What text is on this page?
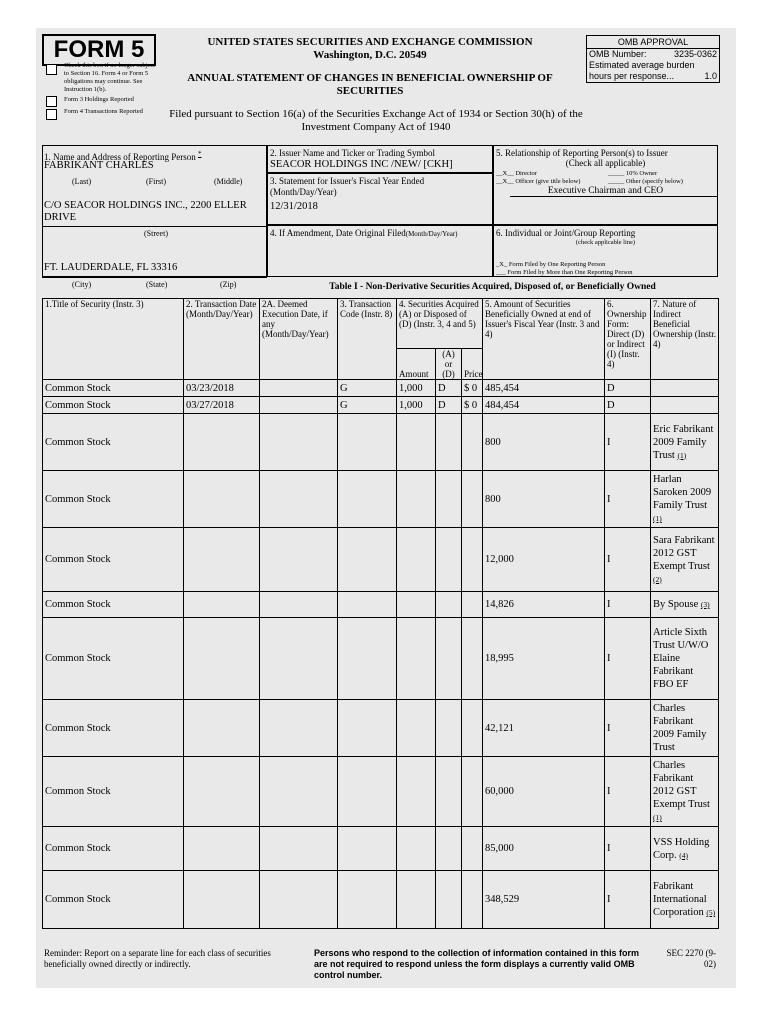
FORM 5
Check this box if no longer subject to Section 16. Form 4 or Form 5 obligations may continue. See Instruction 1(b).
Form 3 Holdings Reported
Form 4 Transactions Reported
UNITED STATES SECURITIES AND EXCHANGE COMMISSION
Washington, D.C. 20549
ANNUAL STATEMENT OF CHANGES IN BENEFICIAL OWNERSHIP OF SECURITIES
Filed pursuant to Section 16(a) of the Securities Exchange Act of 1934 or Section 30(h) of the Investment Company Act of 1940
OMB APPROVAL
OMB Number:	3235-0362
Estimated average burden
hours per response...	1.0
1. Name and Address of Reporting Person *
FABRIKANT CHARLES
(Last)	(First)	(Middle)
C/O SEACOR HOLDINGS INC., 2200 ELLER DRIVE
(Street)
FT. LAUDERDALE, FL 33316
(City)	(State)	(Zip)
2. Issuer Name and Ticker or Trading Symbol
SEACOR HOLDINGS INC /NEW/ [CKH]
3. Statement for Issuer's Fiscal Year Ended (Month/Day/Year)
12/31/2018
4. If Amendment, Date Original Filed(Month/Day/Year)
5. Relationship of Reporting Person(s) to Issuer
(Check all applicable)
__X__ Director	_____ 10% Owner
__X__ Officer (give title below)	_____ Other (specify below)
Executive Chairman and CEO
6. Individual or Joint/Group Reporting
(check applicable line)
_X_ Form Filed by One Reporting Person
___ Form Filed by More than One Reporting Person
Table I - Non-Derivative Securities Acquired, Disposed of, or Beneficially Owned
1.Title of Security (Instr. 3)	2. Transaction Date (Month/Day/Year)	2A. Deemed Execution Date, if any (Month/Day/Year)	3. Transaction Code (Instr. 8)	4. Securities Acquired (A) or Disposed of (D) (Instr. 3, 4 and 5)			5. Amount of Securities Beneficially Owned at end of Issuer's Fiscal Year (Instr. 3 and 4)	6. Ownership Form: Direct (D) or Indirect (I) (Instr. 4)	7. Nature of Indirect Beneficial Ownership (Instr. 4)
				Amount	(A) or (D)	Price			
Common Stock	03/23/2018		G	1,000	D	$ 0	485,454	D	
Common Stock	03/27/2018		G	1,000	D	$ 0	484,454	D	
Common Stock							800	I	Eric Fabrikant 2009 Family Trust (1)
Common Stock							800	I	Harlan Saroken 2009 Family Trust (1)
Common Stock							12,000	I	Sara Fabrikant 2012 GST Exempt Trust (2)
Common Stock							14,826	I	By Spouse (3)
Common Stock							18,995	I	Article Sixth Trust U/W/O Elaine Fabrikant FBO EF
Common Stock							42,121	I	Charles Fabrikant 2009 Family Trust
Common Stock							60,000	I	Charles Fabrikant 2012 GST Exempt Trust (1)
Common Stock							85,000	I	VSS Holding Corp. (4)
Common Stock							348,529	I	Fabrikant International Corporation (5)
Reminder: Report on a separate line for each class of securities beneficially owned directly or indirectly.
Persons who respond to the collection of information contained in this form are not required to respond unless the form displays a currently valid OMB control number.
SEC 2270 (9-02)
